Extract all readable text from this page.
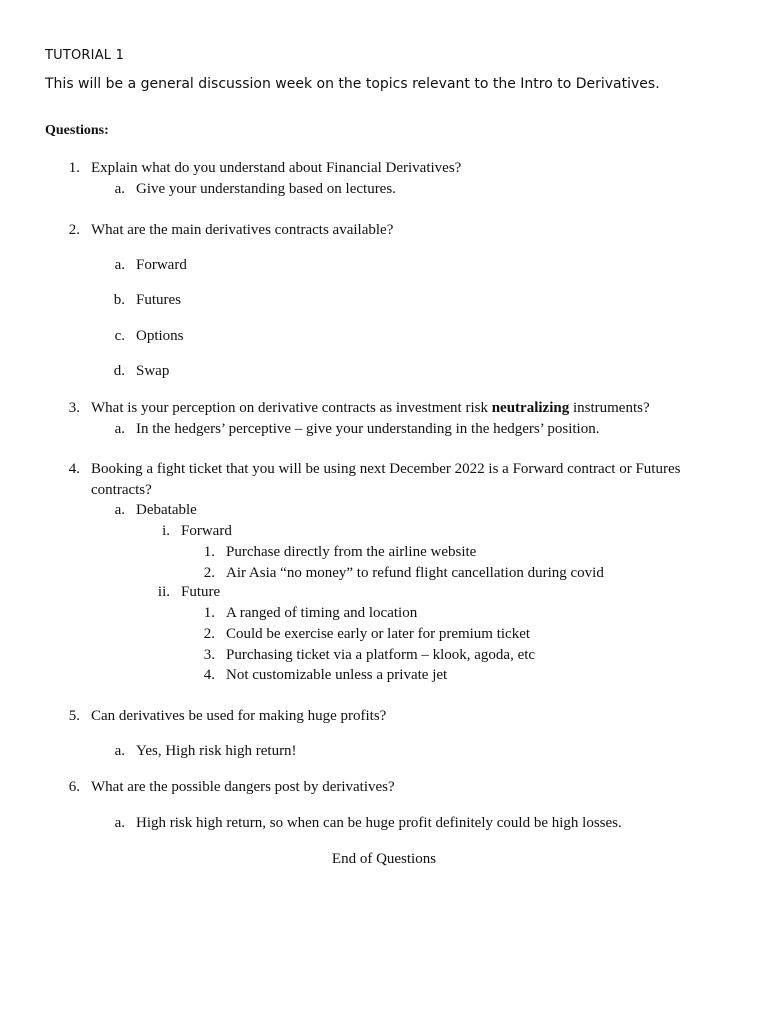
TUTORIAL 1
This will be a general discussion week on the topics relevant to the Intro to Derivatives.
Questions:
1. Explain what do you understand about Financial Derivatives?
a. Give your understanding based on lectures.
2. What are the main derivatives contracts available?
a. Forward
b. Futures
c. Options
d. Swap
3. What is your perception on derivative contracts as investment risk neutralizing instruments?
a. In the hedgers’ perceptive – give your understanding in the hedgers’ position.
4. Booking a fight ticket that you will be using next December 2022 is a Forward contract or Futures
contracts?
a. Debatable
i. Forward
1. Purchase directly from the airline website
2. Air Asia “no money” to refund flight cancellation during covid
ii. Future
1. A ranged of timing and location
2. Could be exercise early or later for premium ticket
3. Purchasing ticket via a platform – klook, agoda, etc
4. Not customizable unless a private jet
5. Can derivatives be used for making huge profits?
a. Yes, High risk high return!
6. What are the possible dangers post by derivatives?
a. High risk high return, so when can be huge profit definitely could be high losses.
End of Questions
